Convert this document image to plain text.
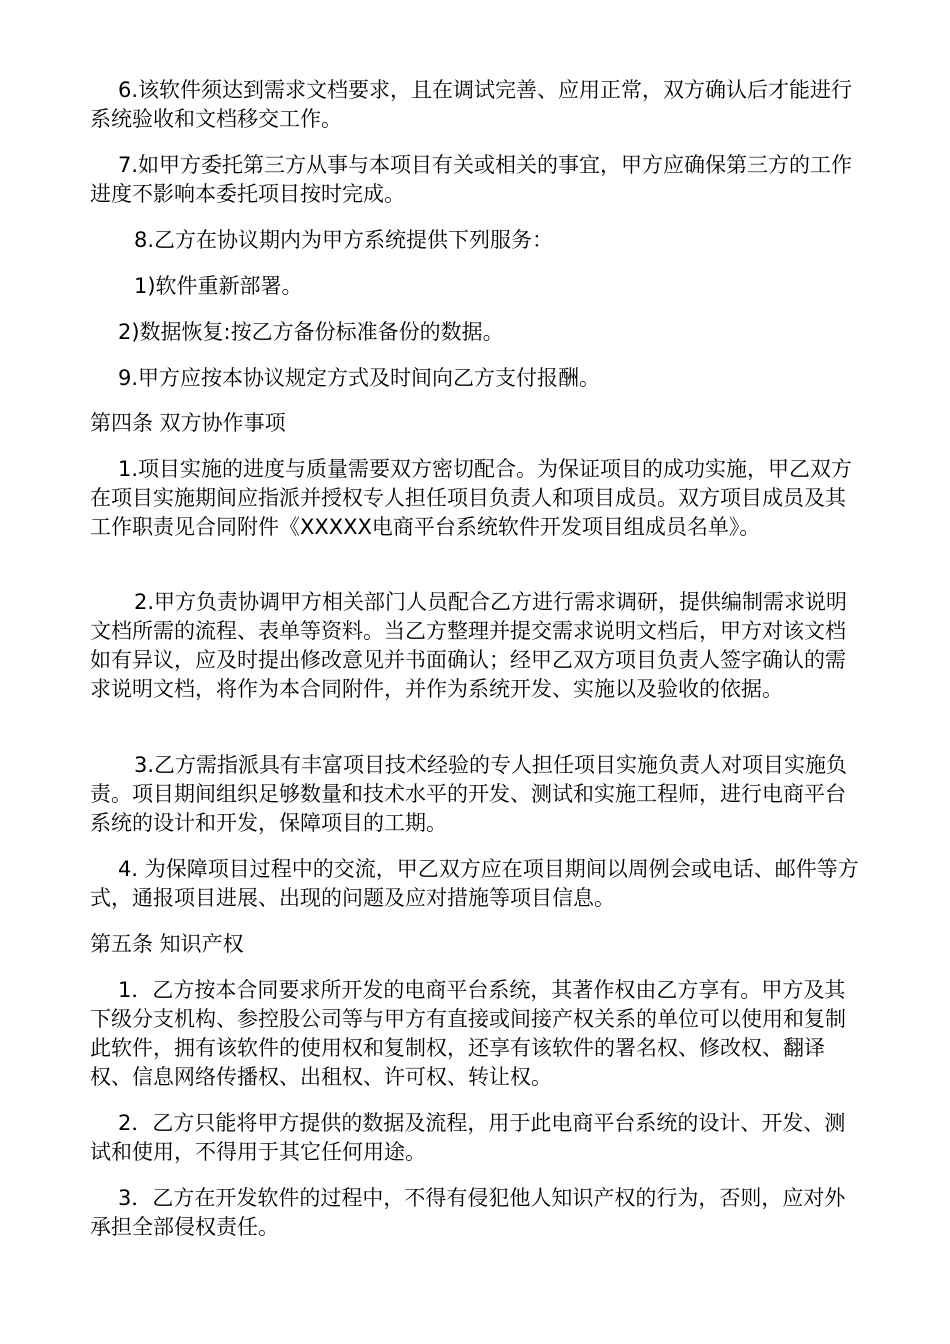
6.该软件须达到需求文档要求，且在调试完善、应用正常，双方确认后才能进行系统验收和文档移交工作。

7.如甲方委托第三方从事与本项目有关或相关的事宜，甲方应确保第三方的工作进度不影响本委托项目按时完成。

8.乙方在协议期内为甲方系统提供下列服务：

1)软件重新部署。

2)数据恢复:按乙方备份标准备份的数据。

9.甲方应按本协议规定方式及时间向乙方支付报酬。

第四条 双方协作事项

1.项目实施的进度与质量需要双方密切配合。为保证项目的成功实施，甲乙双方在项目实施期间应指派并授权专人担任项目负责人和项目成员。双方项目成员及其工作职责见合同附件《XXXXX电商平台系统软件开发项目组成员名单》。

2.甲方负责协调甲方相关部门人员配合乙方进行需求调研，提供编制需求说明文档所需的流程、表单等资料。当乙方整理并提交需求说明文档后，甲方对该文档如有异议，应及时提出修改意见并书面确认；经甲乙双方项目负责人签字确认的需求说明文档，将作为本合同附件，并作为系统开发、实施以及验收的依据。

3.乙方需指派具有丰富项目技术经验的专人担任项目实施负责人对项目实施负责。项目期间组织足够数量和技术水平的开发、测试和实施工程师，进行电商平台系统的设计和开发，保障项目的工期。

4. 为保障项目过程中的交流，甲乙双方应在项目期间以周例会或电话、邮件等方式，通报项目进展、出现的问题及应对措施等项目信息。

第五条 知识产权

1．乙方按本合同要求所开发的电商平台系统，其著作权由乙方享有。甲方及其下级分支机构、参控股公司等与甲方有直接或间接产权关系的单位可以使用和复制此软件，拥有该软件的使用权和复制权，还享有该软件的署名权、修改权、翻译权、信息网络传播权、出租权、许可权、转让权。

2．乙方只能将甲方提供的数据及流程，用于此电商平台系统的设计、开发、测试和使用，不得用于其它任何用途。

3．乙方在开发软件的过程中，不得有侵犯他人知识产权的行为，否则，应对外承担全部侵权责任。
